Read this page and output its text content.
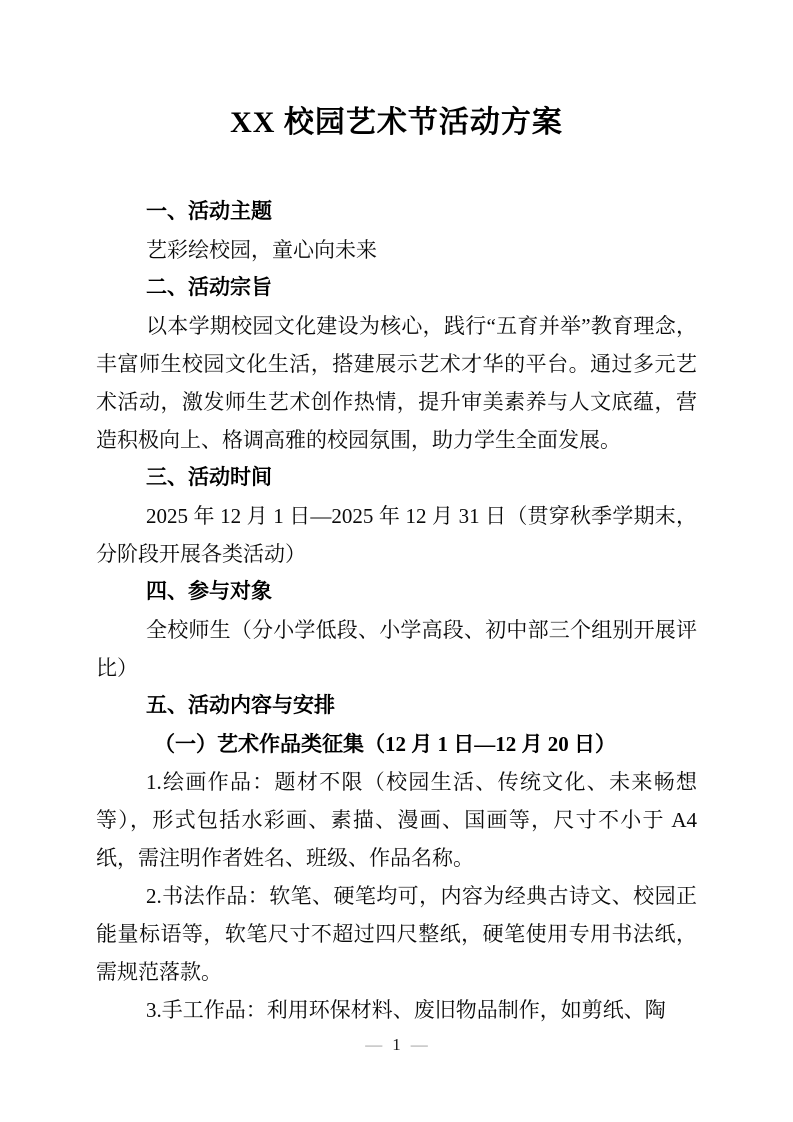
XX 校园艺术节活动方案
一、活动主题

艺彩绘校园，童心向未来

二、活动宗旨

以本学期校园文化建设为核心，践行“五育并举”教育理念，丰富师生校园文化生活，搭建展示艺术才华的平台。通过多元艺术活动，激发师生艺术创作热情，提升审美素养与人文底蕴，营造积极向上、格调高雅的校园氛围，助力学生全面发展。

三、活动时间

2025 年 12 月 1 日—2025 年 12 月 31 日（贯穿秋季学期末，分阶段开展各类活动）

四、参与对象

全校师生（分小学低段、小学高段、初中部三个组别开展评比）

五、活动内容与安排
（一）艺术作品类征集（12 月 1 日—12 月 20 日）

1.绘画作品：题材不限（校园生活、传统文化、未来畅想等），形式包括水彩画、素描、漫画、国画等，尺寸不小于 A4 纸，需注明作者姓名、班级、作品名称。

2.书法作品：软笔、硬笔均可，内容为经典古诗文、校园正能量标语等，软笔尺寸不超过四尺整纸，硬笔使用专用书法纸，需规范落款。

3.手工作品：利用环保材料、废旧物品制作，如剪纸、陶

— 1 —
